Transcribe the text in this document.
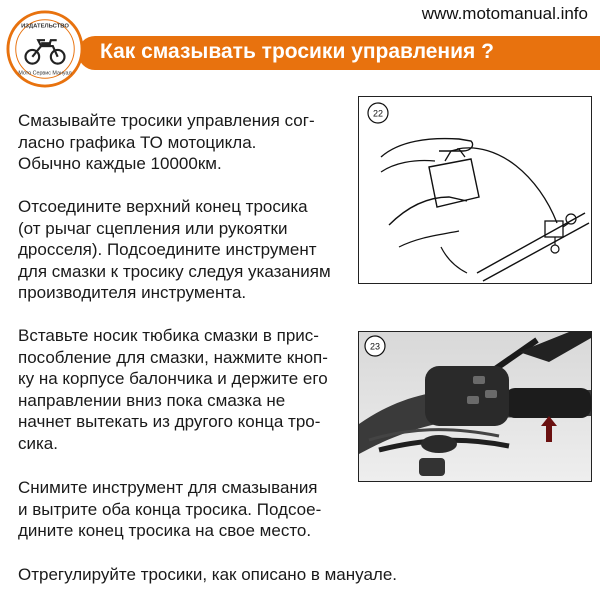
www.motomanual.info
Как смазывать тросики управления ?
ИЗДАТЕЛЬСТВО
Мото Сервис Мануал

Смазывайте тросики управления сог-
ласно графика ТО мотоцикла.
Обычно каждые 10000км.

Отсоедините верхний конец тросика
(от рычаг сцепления или рукоятки
дросселя). Подсоедините инструмент
для смазки к тросику следуя указаниям
производителя инструмента.

Вставьте носик тюбика смазки в прис-
пособление для смазки, нажмите кноп-
ку на корпусе балончика и держите его
направлении вниз пока смазка не
начнет вытекать из другого конца тро-
сика.

Снимите инструмент для смазывания
и вытрите оба конца тросика. Подсое-
дините конец тросика на свое место.

Отрегулируйте тросики, как описано в мануале.

22
23
